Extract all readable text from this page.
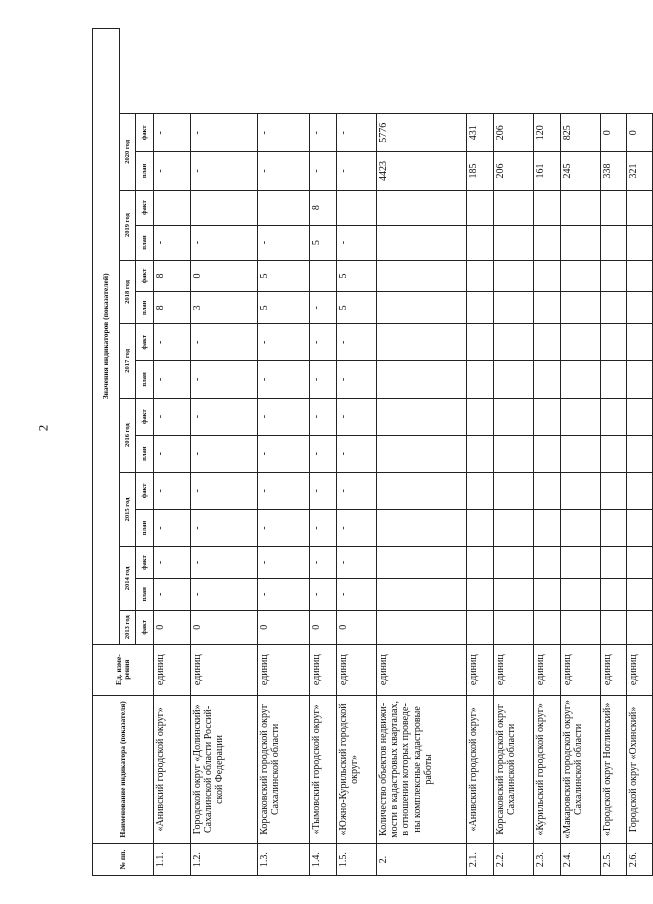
2
№ пп.	Наименование индикатора (показателя)	Ед. изме-рения	Значения индикаторов (показателей)														
			2013 год	2014 год		2015 год		2016 год		2017 год		2018 год		2019 год		2020 год	
			факт	план	факт	план	факт	план	факт	план	факт	план	факт	план	факт	план	факт
1.1.	«Анивский городской округ»	единиц	0	-	-	-	-	-	-	-	-	8	8	-		-	-
1.2.	Городской округ «Долинский» Сахалинской области Россий-ской Федерации	единиц	0	-	-	-	-	-	-	-	-	3	0	-		-	-
1.3.	Корсаковский городской округ Сахалинской области	единиц	0	-	-	-	-	-	-	-	-	5	5	-		-	-
1.4.	«Тымовский городской округ»	единиц	0	-	-	-	-	-	-	-	-	-		5	8	-	-
1.5.	«Южно-Курильский городской округ»	единиц	0	-	-	-	-	-	-	-	-	5	5	-		-	-
2.	Количество объектов недвижи-мости в кадастровых кварталах, в отношении которых проведе-ны комплексные кадастровые работы	единиц														4423	5776
2.1.	«Анивский городской округ»	единиц														185	431
2.2.	Корсаковский городской округ Сахалинской области	единиц														206	206
2.3.	«Курильский городской округ»	единиц														161	120
2.4.	«Макаровский городской округ» Сахалинской области	единиц														245	825
2.5.	«Городской округ Ногликский»	единиц														338	0
2.6.	Городской округ «Охинский»	единиц														321	0
